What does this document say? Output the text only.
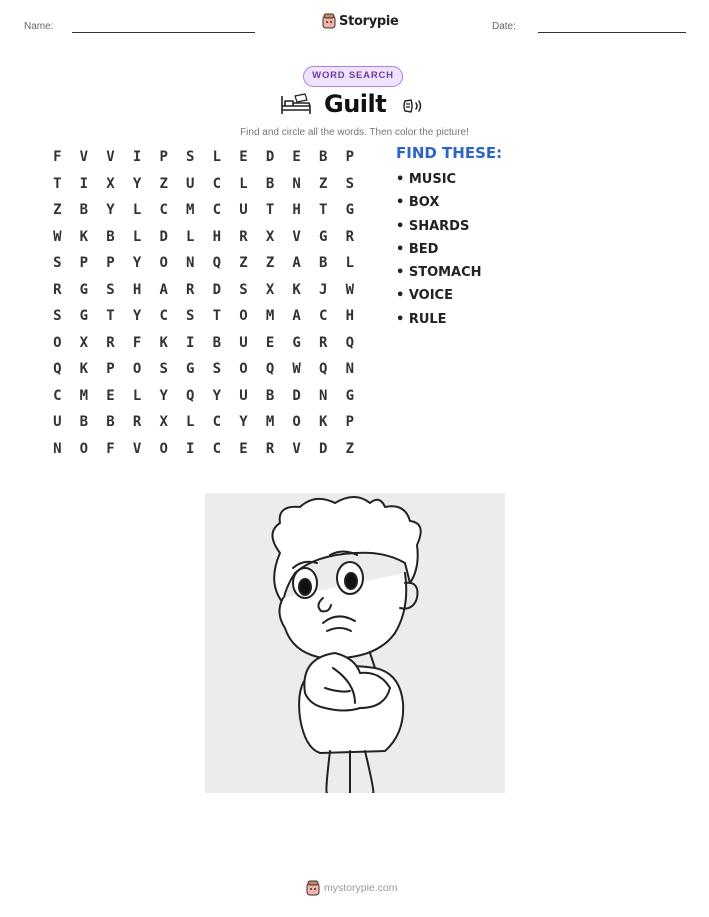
Name:	Storypie	Date:
WORD SEARCH
Guilt
Find and circle all the words. Then color the picture!
F	V	V	I	P	S	L	E	D	E	B	P
T	I	X	Y	Z	U	C	L	B	N	Z	S
Z	B	Y	L	C	M	C	U	T	H	T	G
W	K	B	L	D	L	H	R	X	V	G	R
S	P	P	Y	O	N	Q	Z	Z	A	B	L
R	G	S	H	A	R	D	S	X	K	J	W
S	G	T	Y	C	S	T	O	M	A	C	H
O	X	R	F	K	I	B	U	E	G	R	Q
Q	K	P	O	S	G	S	O	Q	W	Q	N
C	M	E	L	Y	Q	Y	U	B	D	N	G
U	B	B	R	X	L	C	Y	M	O	K	P
N	O	F	V	O	I	C	E	R	V	D	Z
FIND THESE:
• MUSIC
• BOX
• SHARDS
• BED
• STOMACH
• VOICE
• RULE
mystorypie.com
